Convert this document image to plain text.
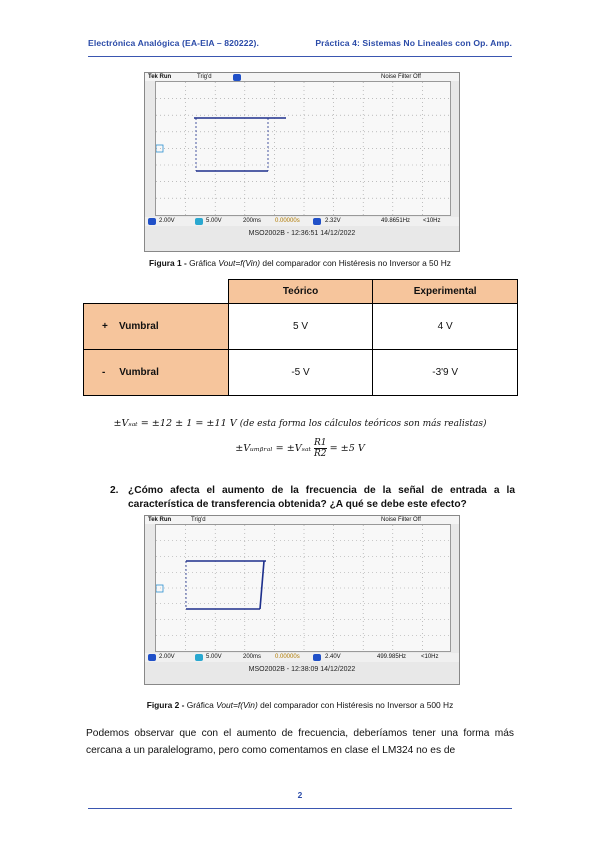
Electrónica Analógica (EA-EIA – 820222).	Práctica 4: Sistemas No Lineales con Op. Amp.
Tek Run	Trig'd	Noise Filter Off
2.00V	5.00V	200ms 0.00000s	2.32V	49.8651Hz <10Hz
MSO2002B - 12:36:51 14/12/2022
Figura 1 - Gráfica Vout=f(Vin) del comparador con Histéresis no Inversor a 50 Hz
	Teórico	Experimental
+ Vumbral	5 V	4 V
- Vumbral	-5 V	-3'9 V
±Vₛₐₜ = ±12 ± 1 = ±11 V (de esta forma los cálculos teóricos son más realistas)
±Vᵤₘᵦᵣₐₗ = $\pm V_{sat} \frac{R1}{R2} = \pm 5$ V
2. ¿Cómo afecta el aumento de la frecuencia de la señal de entrada a la característica de transferencia obtenida? ¿A qué se debe este efecto?
Tek Run	Trig'd	Noise Filter Off
2.00V	5.00V	200ms 0.00000s	2.40V	499.985Hz <10Hz
MSO2002B - 12:38:09 14/12/2022
Figura 2 - Gráfica Vout=f(Vin) del comparador con Histéresis no Inversor a 500 Hz
Podemos observar que con el aumento de frecuencia, deberíamos tener una forma más cercana a un paralelogramo, pero como comentamos en clase el LM324 no es de
2
